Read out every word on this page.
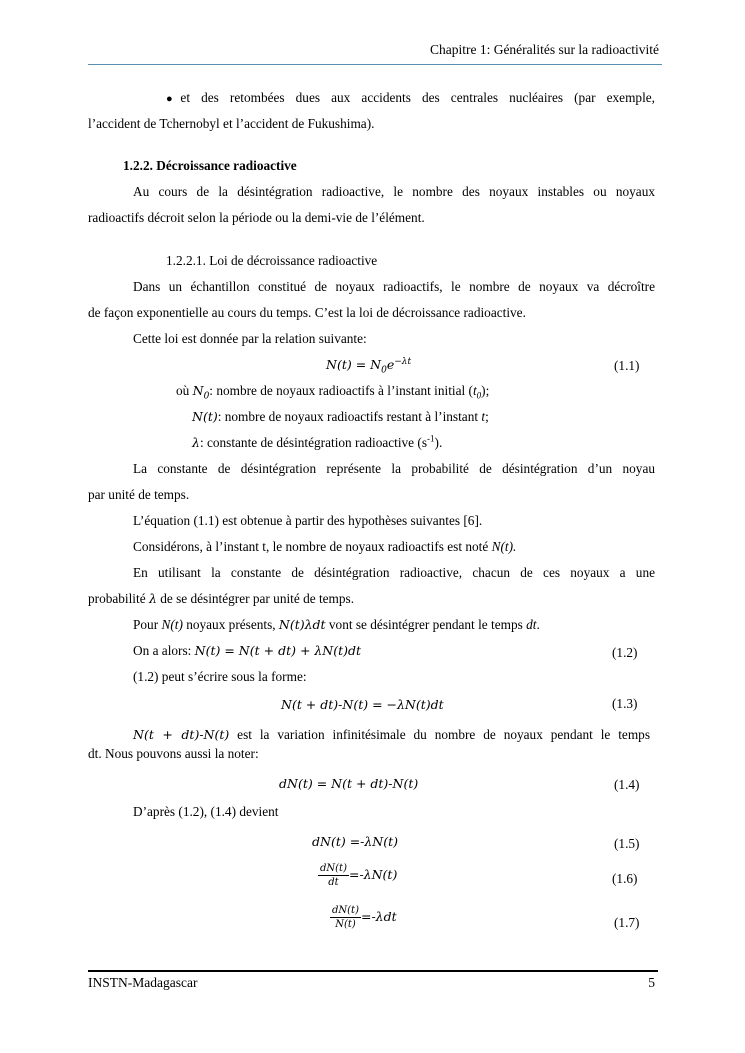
Chapitre 1: Généralités sur la radioactivité
●et des retombées dues aux accidents des centrales nucléaires (par exemple,
l’accident de Tchernobyl et l’accident de Fukushima).
1.2.2. Décroissance radioactive
Au cours de la désintégration radioactive, le nombre des noyaux instables ou noyaux
radioactifs décroit selon la période ou la demi-vie de l’élément.
1.2.2.1. Loi de décroissance radioactive
Dans un échantillon constitué de noyaux radioactifs, le nombre de noyaux va décroître
de façon exponentielle au cours du temps. C’est la loi de décroissance radioactive.
Cette loi est donnée par la relation suivante:
$N(t) = N_0e^{-\lambda t}$	(1.1)
où $N_0$: nombre de noyaux radioactifs à l’instant initial $(t_0)$;
N(t): nombre de noyaux radioactifs restant à l’instant t;
λ: constante de désintégration radioactive $(s^{-1})$.
La constante de désintégration représente la probabilité de désintégration d’un noyau
par unité de temps.
L’équation (1.1) est obtenue à partir des hypothèses suivantes [6].
Considérons, à l’instant t, le nombre de noyaux radioactifs est noté N(t).
En utilisant la constante de désintégration radioactive, chacun de ces noyaux a une
probabilité λ de se désintégrer par unité de temps.
Pour N(t) noyaux présents, N(t)λdt vont se désintégrer pendant le temps dt.
On a alors: N(t) = N(t + dt) + λN(t)dt	(1.2)
(1.2) peut s’écrire sous la forme:
N(t + dt)-N(t) = −λN(t)dt	(1.3)
N(t + dt)-N(t) est la variation infinitésimale du nombre de noyaux pendant le temps
dt. Nous pouvons aussi la noter:
dN(t) = N(t + dt)-N(t)	(1.4)
D’après (1.2), (1.4) devient
dN(t) =-λN(t)	(1.5)
$\frac{dN(t)}{dt} =-\lambda N(t)$	(1.6)
$\frac{dN(t)}{N(t)} =-\lambda dt$	(1.7)
INSTN-Madagascar	5
